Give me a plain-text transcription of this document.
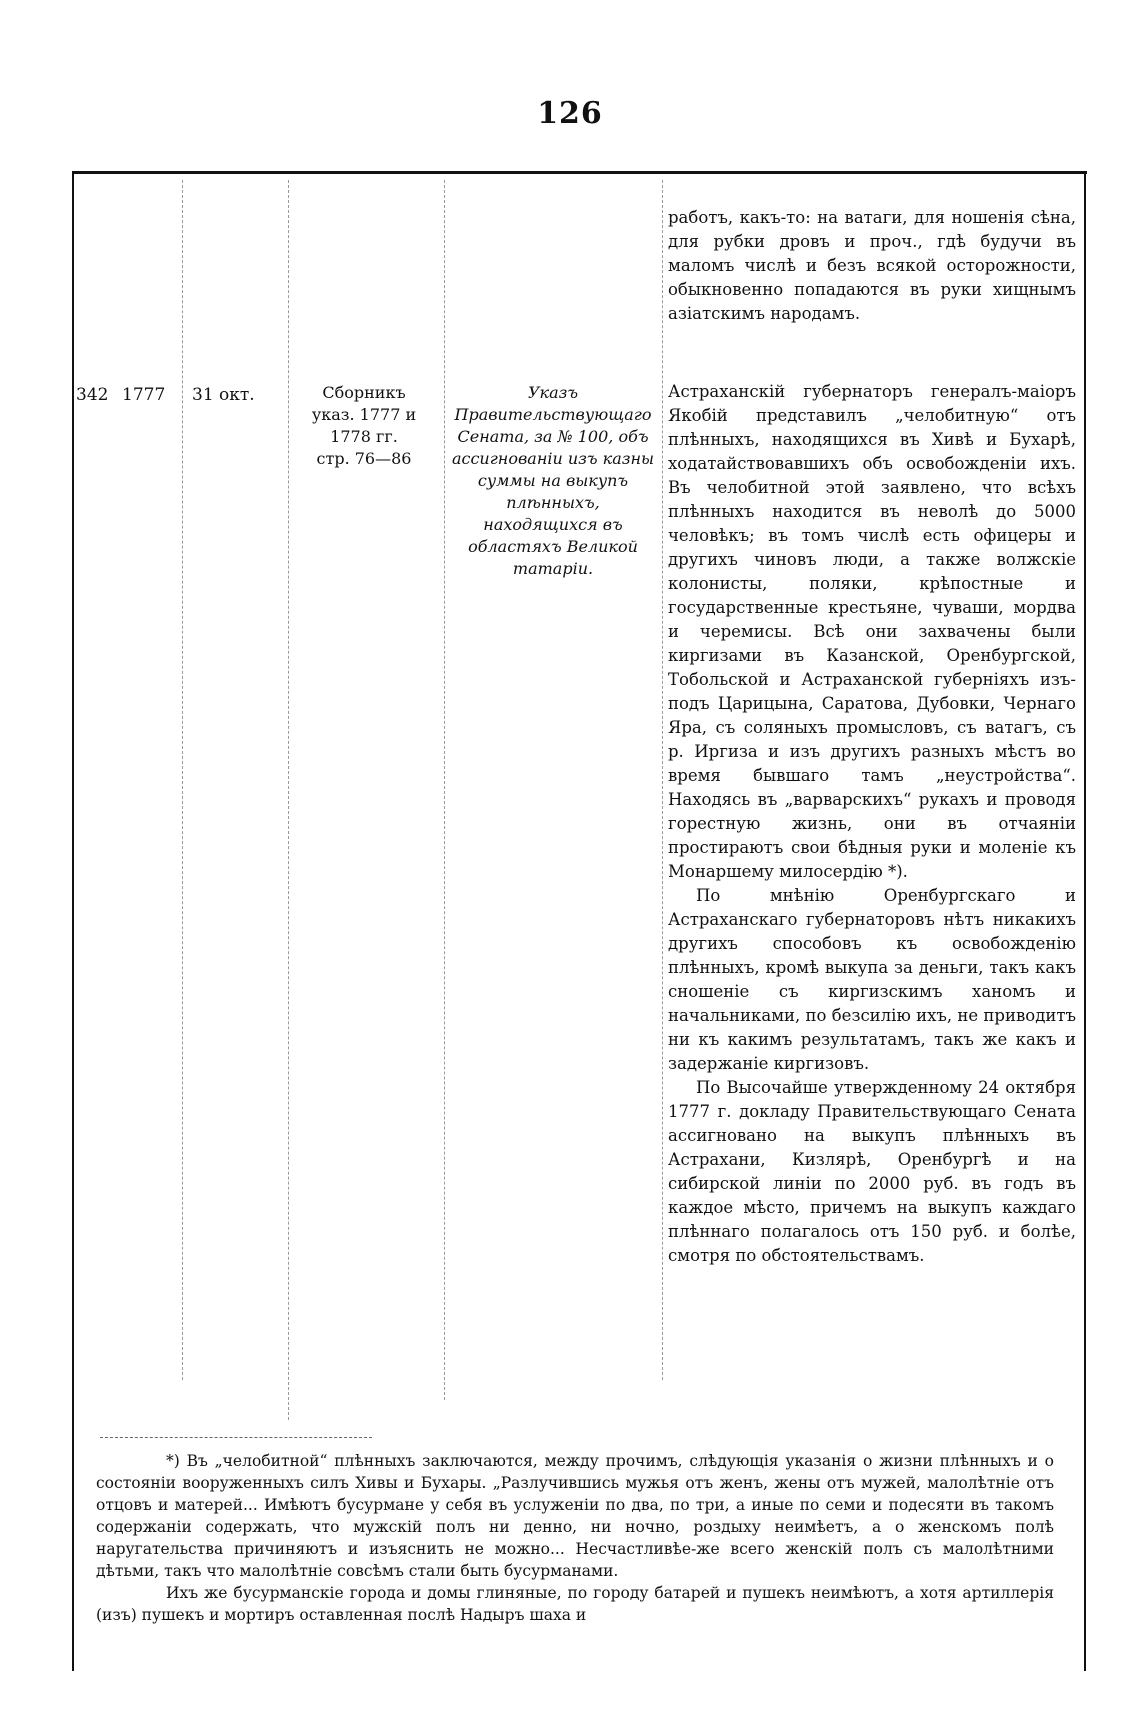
126

работъ, какъ-то: на ватаги, для ношенія сѣна, для рубки дровъ и проч., гдѣ будучи въ маломъ числѣ и безъ всякой осторожности, обыкновенно попадаются въ руки хищнымъ азіатскимъ народамъ.

342 1777 31 окт.	Сборникъ
указ. 1777 и
1778 гг.
стр. 76—86
Указъ Правительствующаго Сената, за № 100, объ ассигнованіи изъ казны суммы на выкупъ плѣнныхъ, находящихся въ областяхъ Великой татаріи.

Астраханскій губернаторъ генералъ-маіоръ Якобій представилъ „челобитную“ отъ плѣнныхъ, находящихся въ Хивѣ и Бухарѣ, ходатайствовавшихъ объ освобожденіи ихъ. Въ челобитной этой заявлено, что всѣхъ плѣнныхъ находится въ неволѣ до 5000 человѣкъ; въ томъ числѣ есть офицеры и другихъ чиновъ люди, а также волжскіе колонисты, поляки, крѣпостные и государственные крестьяне, чуваши, мордва и черемисы. Всѣ они захвачены были киргизами въ Казанской, Оренбургской, Тобольской и Астраханской губерніяхъ изъ-подъ Царицына, Саратова, Дубовки, Чернаго Яра, съ соляныхъ промысловъ, съ ватагъ, съ р. Иргиза и изъ другихъ разныхъ мѣстъ во время бывшаго тамъ „неустройства“. Находясь въ „варварскихъ“ рукахъ и проводя горестную жизнь, они въ отчаяніи простираютъ свои бѣдныя руки и моленіе къ Монаршему милосердію *).

По мнѣнію Оренбургскаго и Астраханскаго губернаторовъ нѣтъ никакихъ другихъ способовъ къ освобожденію плѣнныхъ, кромѣ выкупа за деньги, такъ какъ сношеніе съ киргизскимъ ханомъ и начальниками, по безсилію ихъ, не приводитъ ни къ какимъ результатамъ, такъ же какъ и задержаніе киргизовъ.

По Высочайше утвержденному 24 октября 1777 г. докладу Правительствующаго Сената ассигновано на выкупъ плѣнныхъ въ Астрахани, Кизлярѣ, Оренбургѣ и на сибирской линіи по 2000 руб. въ годъ въ каждое мѣсто, причемъ на выкупъ каждаго плѣннаго полагалось отъ 150 руб. и болѣе, смотря по обстоятельствамъ.

*) Въ „челобитной“ плѣнныхъ заключаются, между прочимъ, слѣдующія указанія о жизни плѣнныхъ и о состояніи вооруженныхъ силъ Хивы и Бухары. „Разлучившись мужья отъ женъ, жены отъ мужей, малолѣтніе отъ отцовъ и матерей... Имѣютъ бусурмане у себя въ услуженіи по два, по три, а иные по семи и подесяти въ такомъ содержаніи содержать, что мужскій полъ ни денно, ни ночно, роздыху неимѣетъ, а о женскомъ полѣ наругательства причиняютъ и изъяснить не можно... Несчастливѣе-же всего женскій полъ съ малолѣтними дѣтьми, такъ что малолѣтніе совсѣмъ стали быть бусурманами.

Ихъ же бусурманскіе города и домы глиняные, по городу батарей и пушекъ неимѣютъ, а хотя артиллерія (изъ) пушекъ и мортиръ оставленная послѣ Надыръ шаха и
